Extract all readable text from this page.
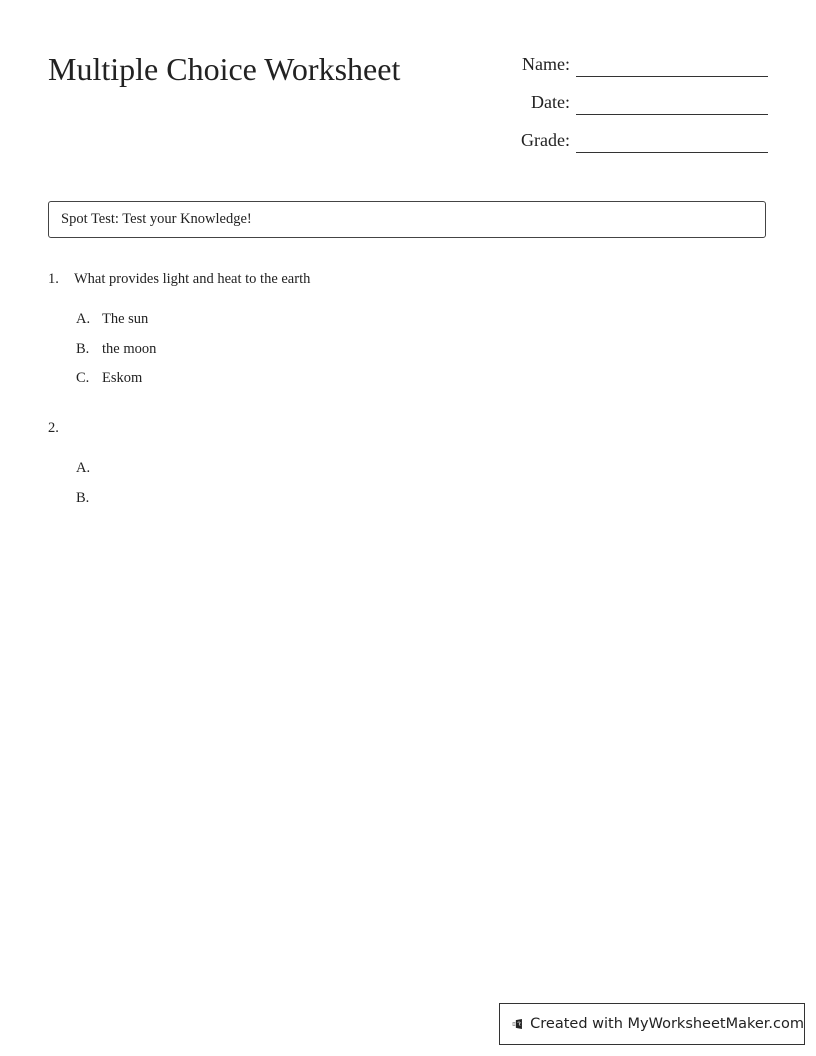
Multiple Choice Worksheet	Name:
Date:
Grade:
Spot Test: Test your Knowledge!
1.	What provides light and heat to the earth
A. The sun
B. the moon
C. Eskom
2.
A.
B.
Created with MyWorksheetMaker.com
